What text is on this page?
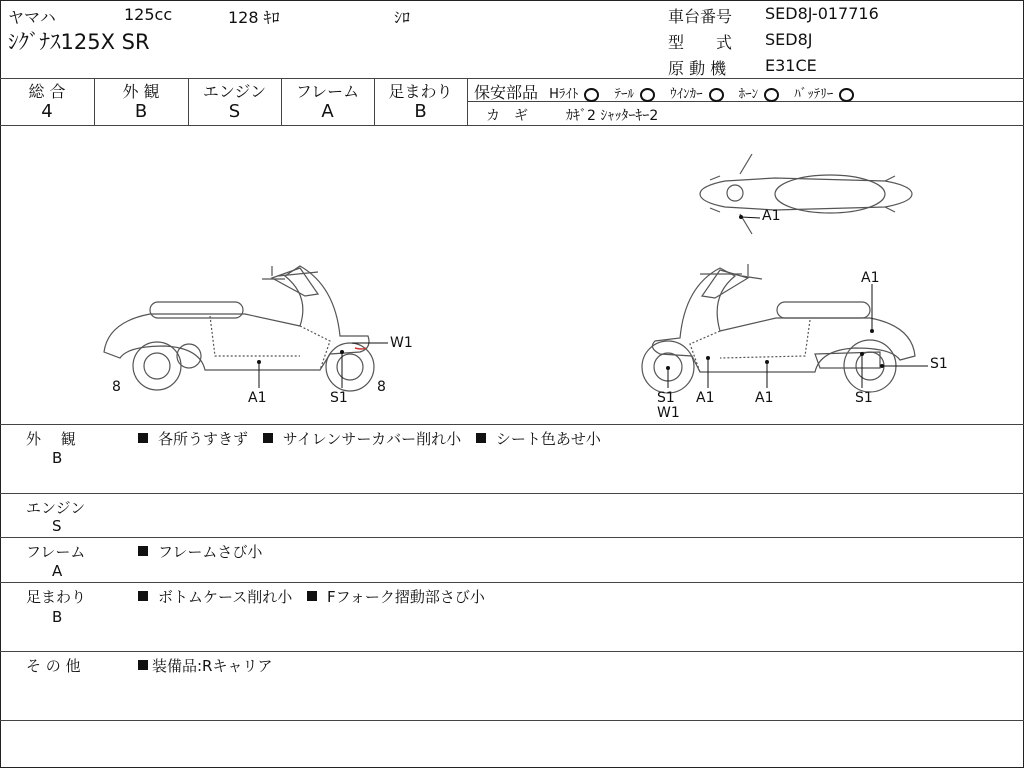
ヤマハ	125cc	128 ｷﾛ	ｼﾛ
ｼｸﾞﾅｽ125X SR
車台番号 SED8J-017716
型　　式 SED8J
原 動 機 E31CE
総 合
4
外 観
B
エンジン
S
フレーム
A
足まわり
B
保安部品 Hﾗｲﾄ	ﾃｰﾙ	ｳｲﾝｶｰ	ﾎｰﾝ	ﾊﾞｯﾃﾘｰ
カ　ギ	ｶｷﾞ2 ｼｬｯﾀｰｷｰ2
A1
W1
8
A1	S1
8
A1
S1
S1
W1
A1	A1	S1
外　 観
B
各所うすきず サイレンサーカバー削れ小 シート色あせ小
エンジン
S
フレーム
A
フレームさび小
足まわり
B
ボトムケース削れ小 Fフォーク摺動部さび小
そ の 他	装備品:Rキャリア
